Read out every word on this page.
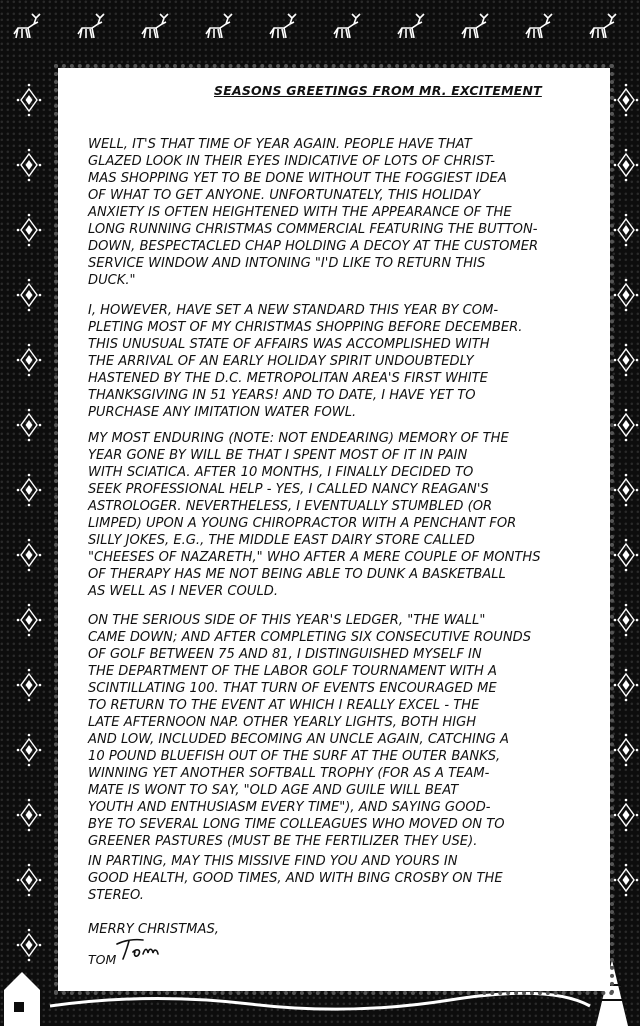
SEASONS GREETINGS FROM MR. EXCITEMENT

WELL, IT'S THAT TIME OF YEAR AGAIN. PEOPLE HAVE THAT
GLAZED LOOK IN THEIR EYES INDICATIVE OF LOTS OF CHRIST-
MAS SHOPPING YET TO BE DONE WITHOUT THE FOGGIEST IDEA
OF WHAT TO GET ANYONE. UNFORTUNATELY, THIS HOLIDAY
ANXIETY IS OFTEN HEIGHTENED WITH THE APPEARANCE OF THE
LONG RUNNING CHRISTMAS COMMERCIAL FEATURING THE BUTTON-
DOWN, BESPECTACLED CHAP HOLDING A DECOY AT THE CUSTOMER
SERVICE WINDOW AND INTONING "I'D LIKE TO RETURN THIS
DUCK."

I, HOWEVER, HAVE SET A NEW STANDARD THIS YEAR BY COM-
PLETING MOST OF MY CHRISTMAS SHOPPING BEFORE DECEMBER.
THIS UNUSUAL STATE OF AFFAIRS WAS ACCOMPLISHED WITH
THE ARRIVAL OF AN EARLY HOLIDAY SPIRIT UNDOUBTEDLY
HASTENED BY THE D.C. METROPOLITAN AREA'S FIRST WHITE
THANKSGIVING IN 51 YEARS! AND TO DATE, I HAVE YET TO
PURCHASE ANY IMITATION WATER FOWL.

MY MOST ENDURING (NOTE: NOT ENDEARING) MEMORY OF THE
YEAR GONE BY WILL BE THAT I SPENT MOST OF IT IN PAIN
WITH SCIATICA. AFTER 10 MONTHS, I FINALLY DECIDED TO
SEEK PROFESSIONAL HELP - YES, I CALLED NANCY REAGAN'S
ASTROLOGER. NEVERTHELESS, I EVENTUALLY STUMBLED (OR
LIMPED) UPON A YOUNG CHIROPRACTOR WITH A PENCHANT FOR
SILLY JOKES, E.G., THE MIDDLE EAST DAIRY STORE CALLED
"CHEESES OF NAZARETH," WHO AFTER A MERE COUPLE OF MONTHS
OF THERAPY HAS ME NOT BEING ABLE TO DUNK A BASKETBALL
AS WELL AS I NEVER COULD.

ON THE SERIOUS SIDE OF THIS YEAR'S LEDGER, "THE WALL"
CAME DOWN; AND AFTER COMPLETING SIX CONSECUTIVE ROUNDS
OF GOLF BETWEEN 75 AND 81, I DISTINGUISHED MYSELF IN
THE DEPARTMENT OF THE LABOR GOLF TOURNAMENT WITH A
SCINTILLATING 100. THAT TURN OF EVENTS ENCOURAGED ME
TO RETURN TO THE EVENT AT WHICH I REALLY EXCEL - THE
LATE AFTERNOON NAP. OTHER YEARLY LIGHTS, BOTH HIGH
AND LOW, INCLUDED BECOMING AN UNCLE AGAIN, CATCHING A
10 POUND BLUEFISH OUT OF THE SURF AT THE OUTER BANKS,
WINNING YET ANOTHER SOFTBALL TROPHY (FOR AS A TEAM-
MATE IS WONT TO SAY, "OLD AGE AND GUILE WILL BEAT
YOUTH AND ENTHUSIASM EVERY TIME"), AND SAYING GOOD-
BYE TO SEVERAL LONG TIME COLLEAGUES WHO MOVED ON TO
GREENER PASTURES (MUST BE THE FERTILIZER THEY USE).

IN PARTING, MAY THIS MISSIVE FIND YOU AND YOURS IN
GOOD HEALTH, GOOD TIMES, AND WITH BING CROSBY ON THE
STEREO.

MERRY CHRISTMAS,

TOM
